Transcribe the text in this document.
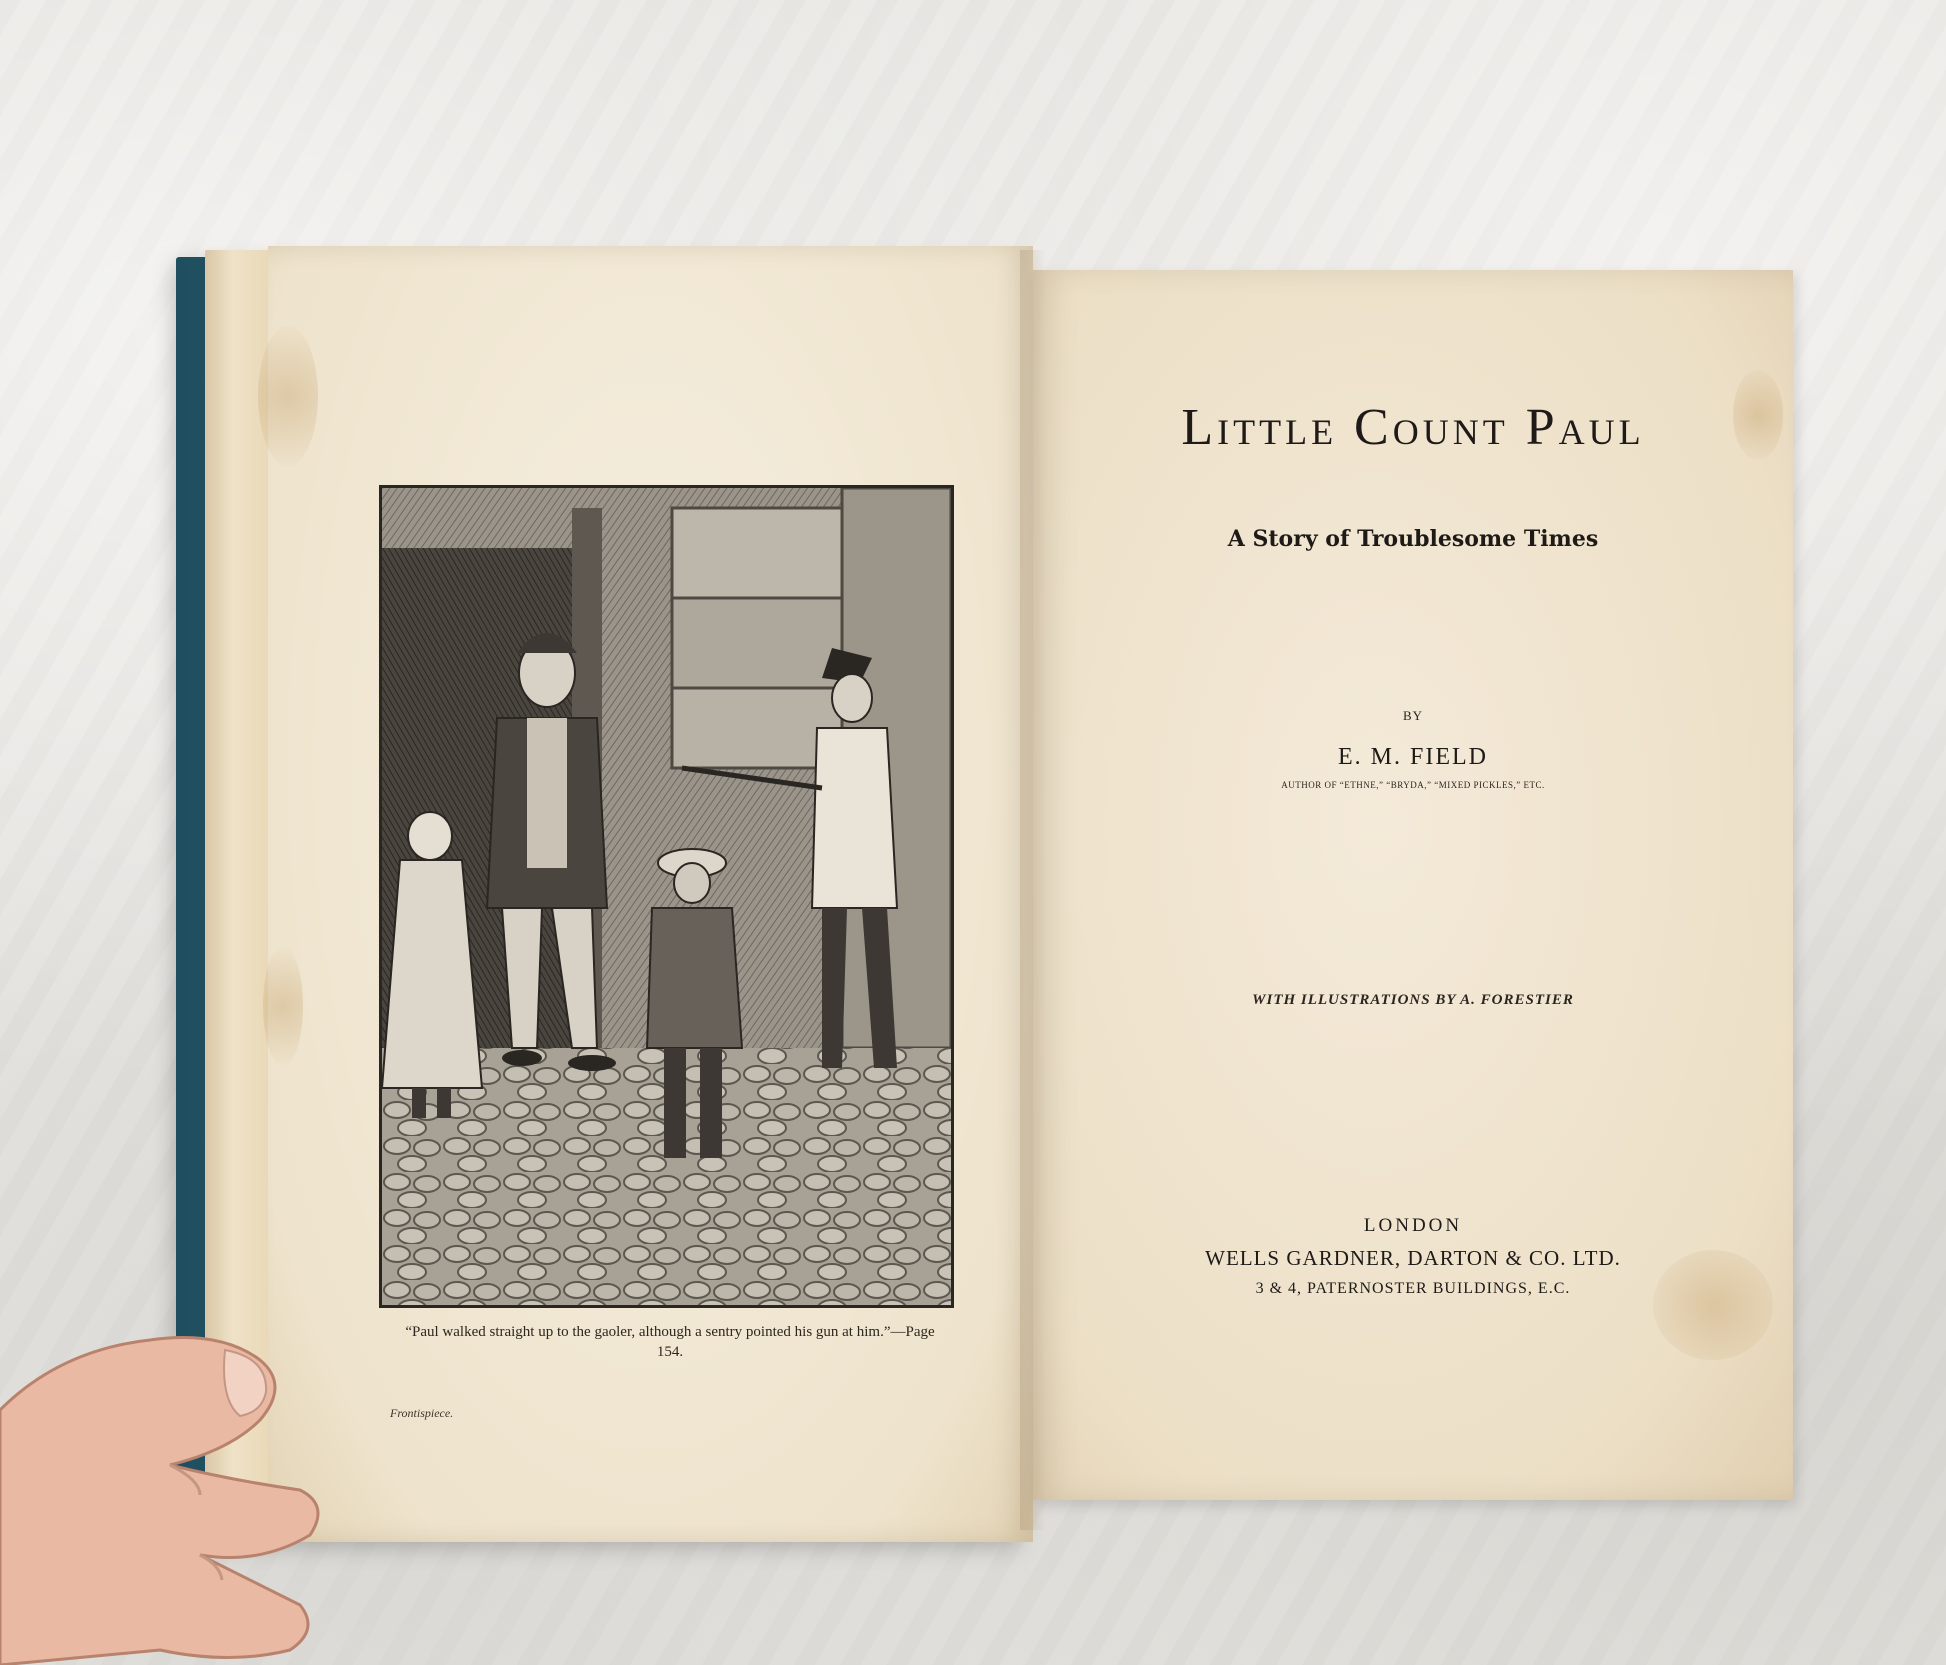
“Paul walked straight up to the gaoler, although a sentry pointed his gun at him.”—Page 154.
Frontispiece.
Little Count Paul
A Story of Troublesome Times
BY
E. M. FIELD
AUTHOR OF “ETHNE,” “BRYDA,” “MIXED PICKLES,” ETC.
WITH ILLUSTRATIONS BY A. FORESTIER
LONDON
WELLS GARDNER, DARTON & CO. LTD.
3 & 4, PATERNOSTER BUILDINGS, E.C.
